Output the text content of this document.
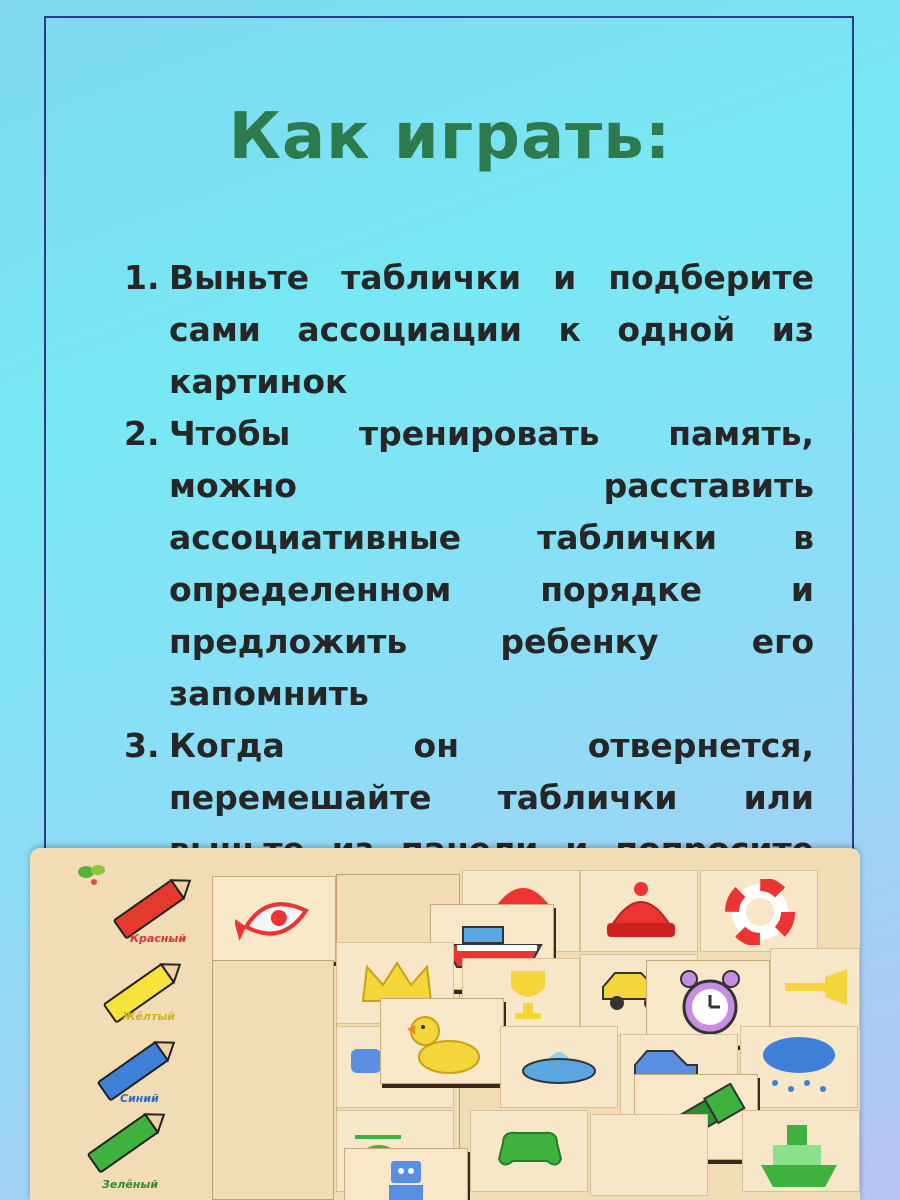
Как играть:
1. Выньте таблички и подберите сами ассоциации к одной из картинок
2. Чтобы тренировать память, можно расставить ассоциативные таблички в определенном порядке и предложить ребенку его запомнить
3. Когда он отвернется, перемешайте таблички или
Красный
Жёлтый
Синий
Зелёный
